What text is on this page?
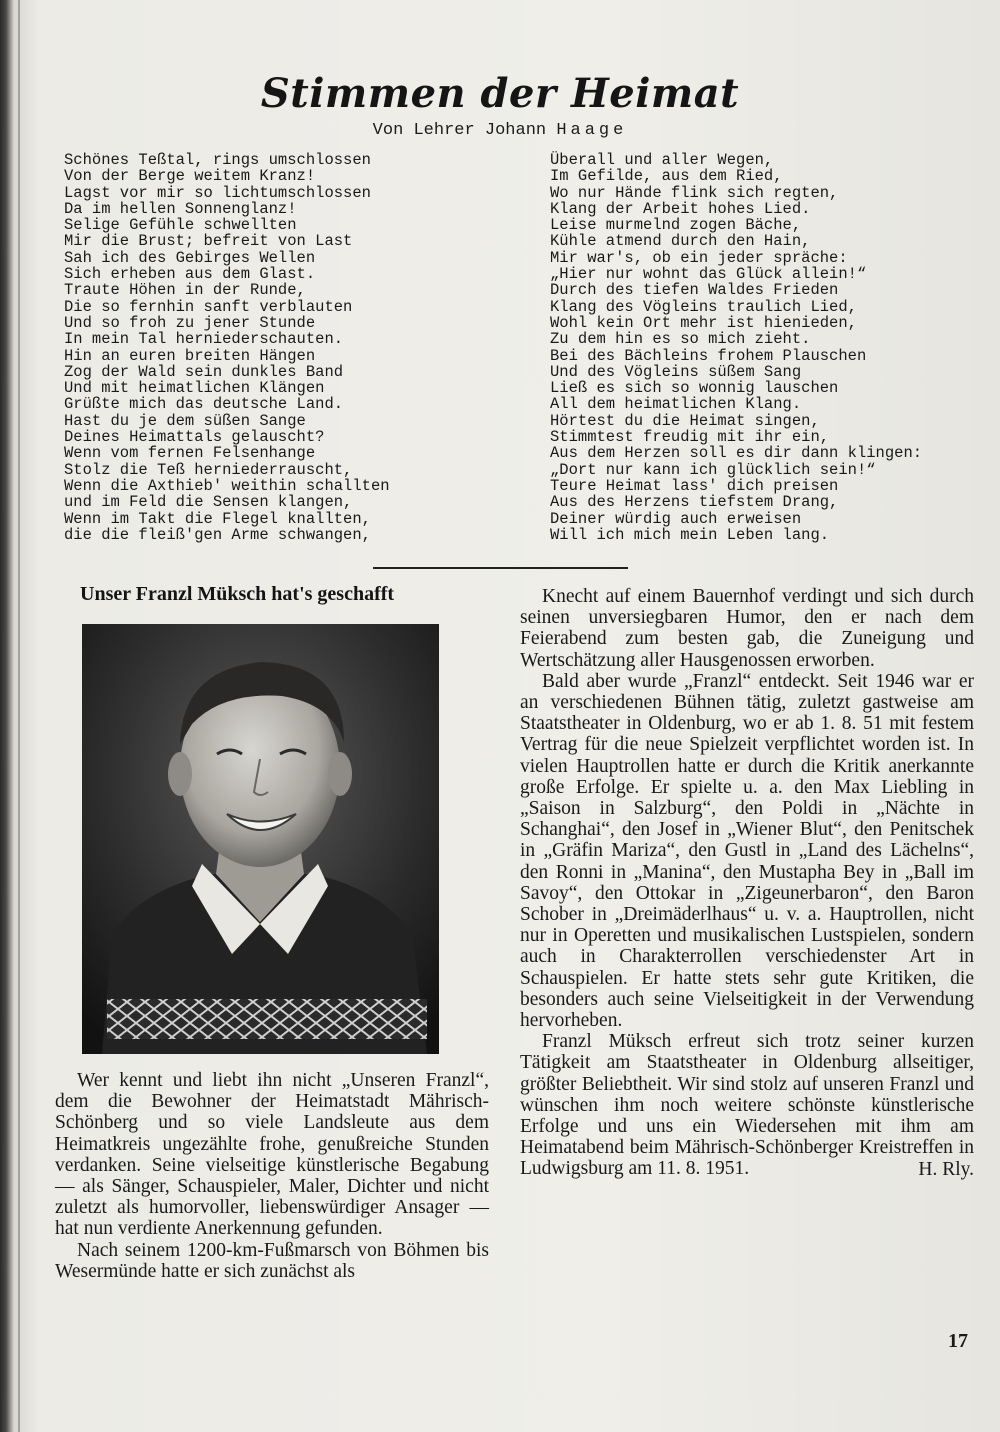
Stimmen der Heimat
Von Lehrer Johann Haage
Schönes Teßtal, rings umschlossen
Von der Berge weitem Kranz!
Lagst vor mir so lichtumschlossen
Da im hellen Sonnenglanz!
Selige Gefühle schwellten
Mir die Brust; befreit von Last
Sah ich des Gebirges Wellen
Sich erheben aus dem Glast.
Traute Höhen in der Runde,
Die so fernhin sanft verblauten
Und so froh zu jener Stunde
In mein Tal herniederschauten.
Hin an euren breiten Hängen
Zog der Wald sein dunkles Band
Und mit heimatlichen Klängen
Grüßte mich das deutsche Land.
Hast du je dem süßen Sange
Deines Heimattals gelauscht?
Wenn vom fernen Felsenhange
Stolz die Teß herniederrauscht,
Wenn die Axthieb' weithin schallten
und im Feld die Sensen klangen,
Wenn im Takt die Flegel knallten,
die die fleiß'gen Arme schwangen,
Überall und aller Wegen,
Im Gefilde, aus dem Ried,
Wo nur Hände flink sich regten,
Klang der Arbeit hohes Lied.
Leise murmelnd zogen Bäche,
Kühle atmend durch den Hain,
Mir war's, ob ein jeder spräche:
„Hier nur wohnt das Glück allein!“
Durch des tiefen Waldes Frieden
Klang des Vögleins traulich Lied,
Wohl kein Ort mehr ist hienieden,
Zu dem hin es so mich zieht.
Bei des Bächleins frohem Plauschen
Und des Vögleins süßem Sang
Ließ es sich so wonnig lauschen
All dem heimatlichen Klang.
Hörtest du die Heimat singen,
Stimmtest freudig mit ihr ein,
Aus dem Herzen soll es dir dann klingen:
„Dort nur kann ich glücklich sein!“
Teure Heimat lass' dich preisen
Aus des Herzens tiefstem Drang,
Deiner würdig auch erweisen
Will ich mich mein Leben lang.
Unser Franzl Müksch hat's geschafft

Wer kennt und liebt ihn nicht „Unseren Franzl“, dem die Bewohner der Heimatstadt Mährisch-Schönberg und so viele Landsleute aus dem Heimatkreis ungezählte frohe, genußreiche Stunden verdanken. Seine vielseitige künstlerische Begabung — als Sänger, Schauspieler, Maler, Dichter und nicht zuletzt als humorvoller, liebenswürdiger Ansager — hat nun verdiente Anerkennung gefunden.

Nach seinem 1200-km-Fußmarsch von Böhmen bis Wesermünde hatte er sich zunächst als

Knecht auf einem Bauernhof verdingt und sich durch seinen unversiegbaren Humor, den er nach dem Feierabend zum besten gab, die Zuneigung und Wertschätzung aller Hausgenossen erworben.

Bald aber wurde „Franzl“ entdeckt. Seit 1946 war er an verschiedenen Bühnen tätig, zuletzt gastweise am Staatstheater in Oldenburg, wo er ab 1. 8. 51 mit festem Vertrag für die neue Spielzeit verpflichtet worden ist. In vielen Hauptrollen hatte er durch die Kritik anerkannte große Erfolge. Er spielte u. a. den Max Liebling in „Saison in Salzburg“, den Poldi in „Nächte in Schanghai“, den Josef in „Wiener Blut“, den Penitschek in „Gräfin Mariza“, den Gustl in „Land des Lächelns“, den Ronni in „Manina“, den Mustapha Bey in „Ball im Savoy“, den Ottokar in „Zigeunerbaron“, den Baron Schober in „Dreimäderlhaus“ u. v. a. Hauptrollen, nicht nur in Operetten und musikalischen Lustspielen, sondern auch in Charakterrollen verschiedenster Art in Schauspielen. Er hatte stets sehr gute Kritiken, die besonders auch seine Vielseitigkeit in der Verwendung hervorheben.

Franzl Müksch erfreut sich trotz seiner kurzen Tätigkeit am Staatstheater in Oldenburg allseitiger, größter Beliebtheit. Wir sind stolz auf unseren Franzl und wünschen ihm noch weitere schönste künstlerische Erfolge und uns ein Wiedersehen mit ihm am Heimatabend beim Mährisch-Schönberger Kreistreffen in Ludwigsburg am 11. 8. 1951.	H. Rly.
17
